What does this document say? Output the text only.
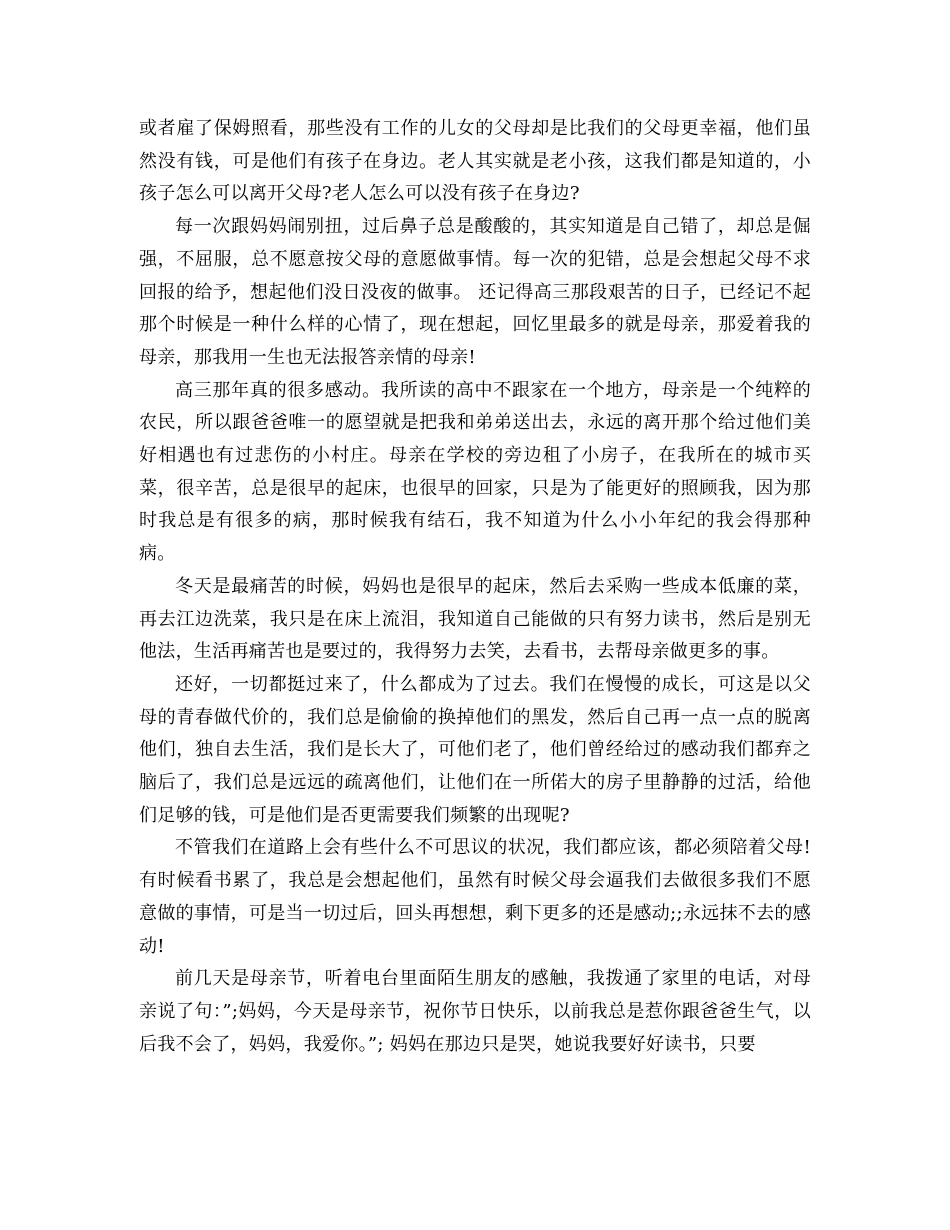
或者雇了保姆照看，那些没有工作的儿女的父母却是比我们的父母更幸福，他们虽然没有钱，可是他们有孩子在身边。老人其实就是老小孩，这我们都是知道的，小孩子怎么可以离开父母?老人怎么可以没有孩子在身边?

每一次跟妈妈闹别扭，过后鼻子总是酸酸的，其实知道是自己错了，却总是倔强，不屈服，总不愿意按父母的意愿做事情。每一次的犯错，总是会想起父母不求回报的给予，想起他们没日没夜的做事。 还记得高三那段艰苦的日子，已经记不起那个时候是一种什么样的心情了，现在想起，回忆里最多的就是母亲，那爱着我的母亲，那我用一生也无法报答亲情的母亲!

高三那年真的很多感动。我所读的高中不跟家在一个地方，母亲是一个纯粹的农民，所以跟爸爸唯一的愿望就是把我和弟弟送出去，永远的离开那个给过他们美好相遇也有过悲伤的小村庄。母亲在学校的旁边租了小房子，在我所在的城市买菜，很辛苦，总是很早的起床，也很早的回家，只是为了能更好的照顾我，因为那时我总是有很多的病，那时候我有结石，我不知道为什么小小年纪的我会得那种病。

冬天是最痛苦的时候，妈妈也是很早的起床，然后去采购一些成本低廉的菜，再去江边洗菜，我只是在床上流泪，我知道自己能做的只有努力读书，然后是别无他法，生活再痛苦也是要过的，我得努力去笑，去看书，去帮母亲做更多的事。

还好，一切都挺过来了，什么都成为了过去。我们在慢慢的成长，可这是以父母的青春做代价的，我们总是偷偷的换掉他们的黑发，然后自己再一点一点的脱离他们，独自去生活，我们是长大了，可他们老了，他们曾经给过的感动我们都弃之脑后了，我们总是远远的疏离他们，让他们在一所偌大的房子里静静的过活，给他们足够的钱，可是他们是否更需要我们频繁的出现呢?

不管我们在道路上会有些什么不可思议的状况，我们都应该，都必须陪着父母!有时候看书累了，我总是会想起他们，虽然有时候父母会逼我们去做很多我们不愿意做的事情，可是当一切过后，回头再想想，剩下更多的还是感动;;永远抹不去的感动!

前几天是母亲节，听着电台里面陌生朋友的感触，我拨通了家里的电话，对母亲说了句：”;妈妈，今天是母亲节，祝你节日快乐，以前我总是惹你跟爸爸生气，以后我不会了，妈妈，我爱你。”; 妈妈在那边只是哭，她说我要好好读书，只要
